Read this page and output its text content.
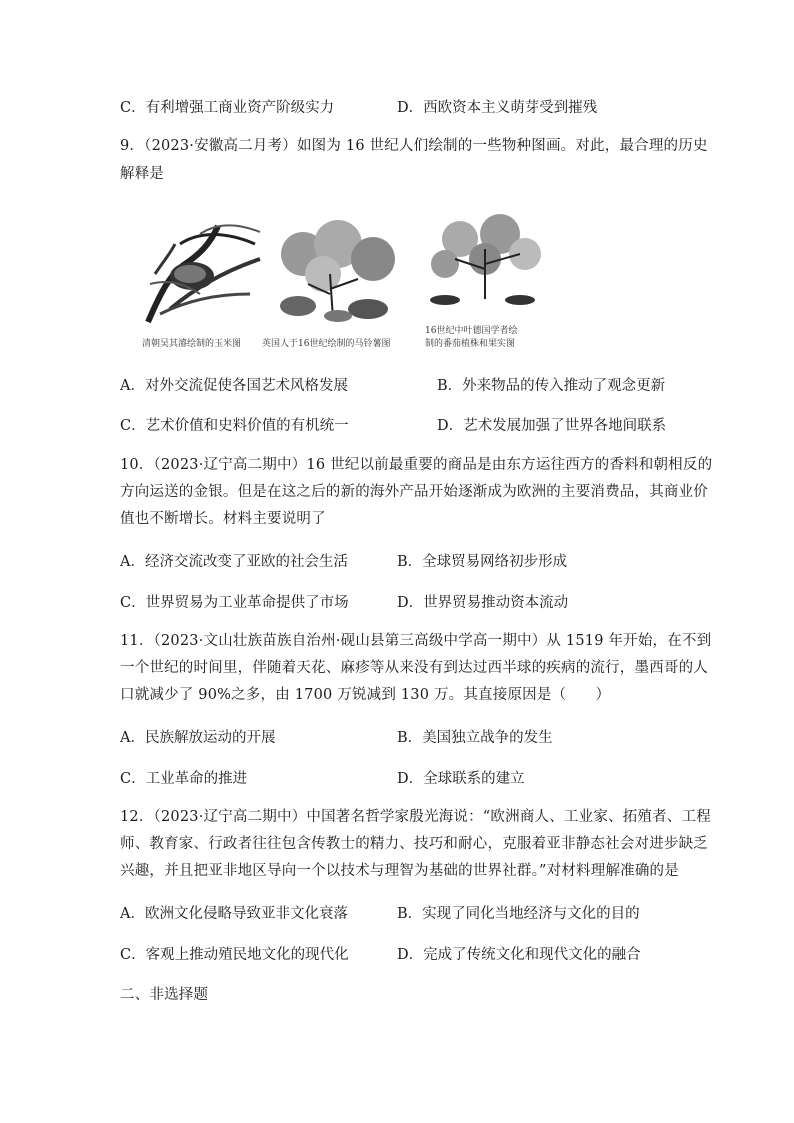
C．有利增强工商业资产阶级实力	D．西欧资本主义萌芽受到摧残
9．（2023·安徽高二月考）如图为 16 世纪人们绘制的一些物种图画。对此，最合理的历史
解释是
清朝吴其濬绘制的玉米图 英国人于16世纪绘制的马铃薯图
16世纪中叶德国学者绘
制的番茄植株和果实图
A．对外交流促使各国艺术风格发展	B．外来物品的传入推动了观念更新
C．艺术价值和史料价值的有机统一	D．艺术发展加强了世界各地间联系
10．（2023·辽宁高二期中）16 世纪以前最重要的商品是由东方运往西方的香料和朝相反的
方向运送的金银。但是在这之后的新的海外产品开始逐渐成为欧洲的主要消费品，其商业价
值也不断增长。材料主要说明了
A．经济交流改变了亚欧的社会生活	B．全球贸易网络初步形成
C．世界贸易为工业革命提供了市场	D．世界贸易推动资本流动
11．（2023·文山壮族苗族自治州·砚山县第三高级中学高一期中）从 1519 年开始，在不到
一个世纪的时间里，伴随着天花、麻疹等从来没有到达过西半球的疾病的流行，墨西哥的人
口就减少了 90%之多，由 1700 万锐减到 130 万。其直接原因是（　　）
A．民族解放运动的开展	B．美国独立战争的发生
C．工业革命的推进	D．全球联系的建立
12．（2023·辽宁高二期中）中国著名哲学家殷光海说：“欧洲商人、工业家、拓殖者、工程
师、教育家、行政者往往包含传教士的精力、技巧和耐心，克服着亚非静态社会对进步缺乏
兴趣，并且把亚非地区导向一个以技术与理智为基础的世界社群。”对材料理解准确的是
A．欧洲文化侵略导致亚非文化衰落	B．实现了同化当地经济与文化的目的
C．客观上推动殖民地文化的现代化	D．完成了传统文化和现代文化的融合
二、非选择题
